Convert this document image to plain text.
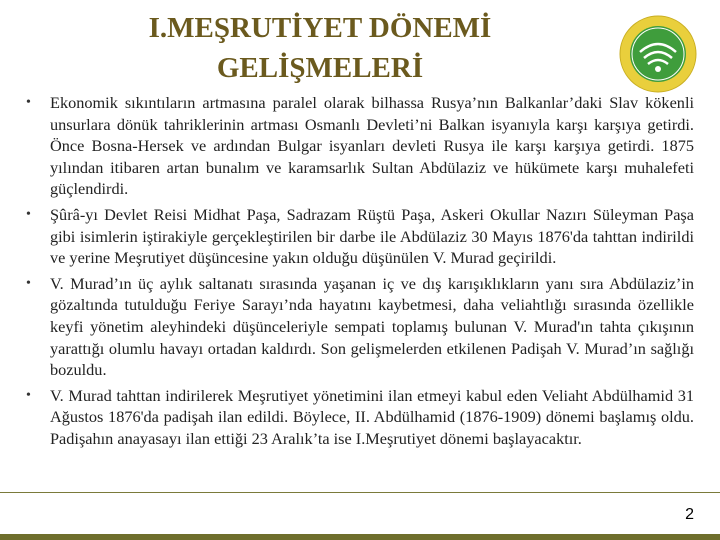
I.MEŞRUTİYET DÖNEMİ
GELİŞMELERİ
• Ekonomik sıkıntıların artmasına paralel olarak bilhassa Rusya’nın Balkanlar’daki Slav kökenli unsurlara dönük tahriklerinin artması Osmanlı Devleti’ni Balkan isyanıyla karşı karşıya getirdi. Önce Bosna-Hersek ve ardından Bulgar isyanları devleti Rusya ile karşı karşıya getirdi. 1875 yılından itibaren artan bunalım ve karamsarlık Sultan Abdülaziz ve hükümete karşı muhalefeti güçlendirdi.
• Şûrâ-yı Devlet Reisi Midhat Paşa, Sadrazam Rüştü Paşa, Askeri Okullar Nazırı Süleyman Paşa gibi isimlerin iştirakiyle gerçekleştirilen bir darbe ile Abdülaziz 30 Mayıs 1876'da tahttan indirildi ve yerine Meşrutiyet düşüncesine yakın olduğu düşünülen V. Murad geçirildi.
• V. Murad’ın üç aylık saltanatı sırasında yaşanan iç ve dış karışıklıkların yanı sıra Abdülaziz’in gözaltında tutulduğu Feriye Sarayı’nda hayatını kaybetmesi, daha veliahtlığı sırasında özellikle keyfi yönetim aleyhindeki düşünceleriyle sempati toplamış bulunan V. Murad'ın tahta çıkışının yarattığı olumlu havayı ortadan kaldırdı. Son gelişmelerden etkilenen Padişah V. Murad’ın sağlığı bozuldu.
• V. Murad tahttan indirilerek Meşrutiyet yönetimini ilan etmeyi kabul eden Veliaht Abdülhamid 31 Ağustos 1876'da padişah ilan edildi. Böylece, II. Abdülhamid (1876-1909) dönemi başlamış oldu. Padişahın anayasayı ilan ettiği 23 Aralık’ta ise I.Meşrutiyet dönemi başlayacaktır.
2
